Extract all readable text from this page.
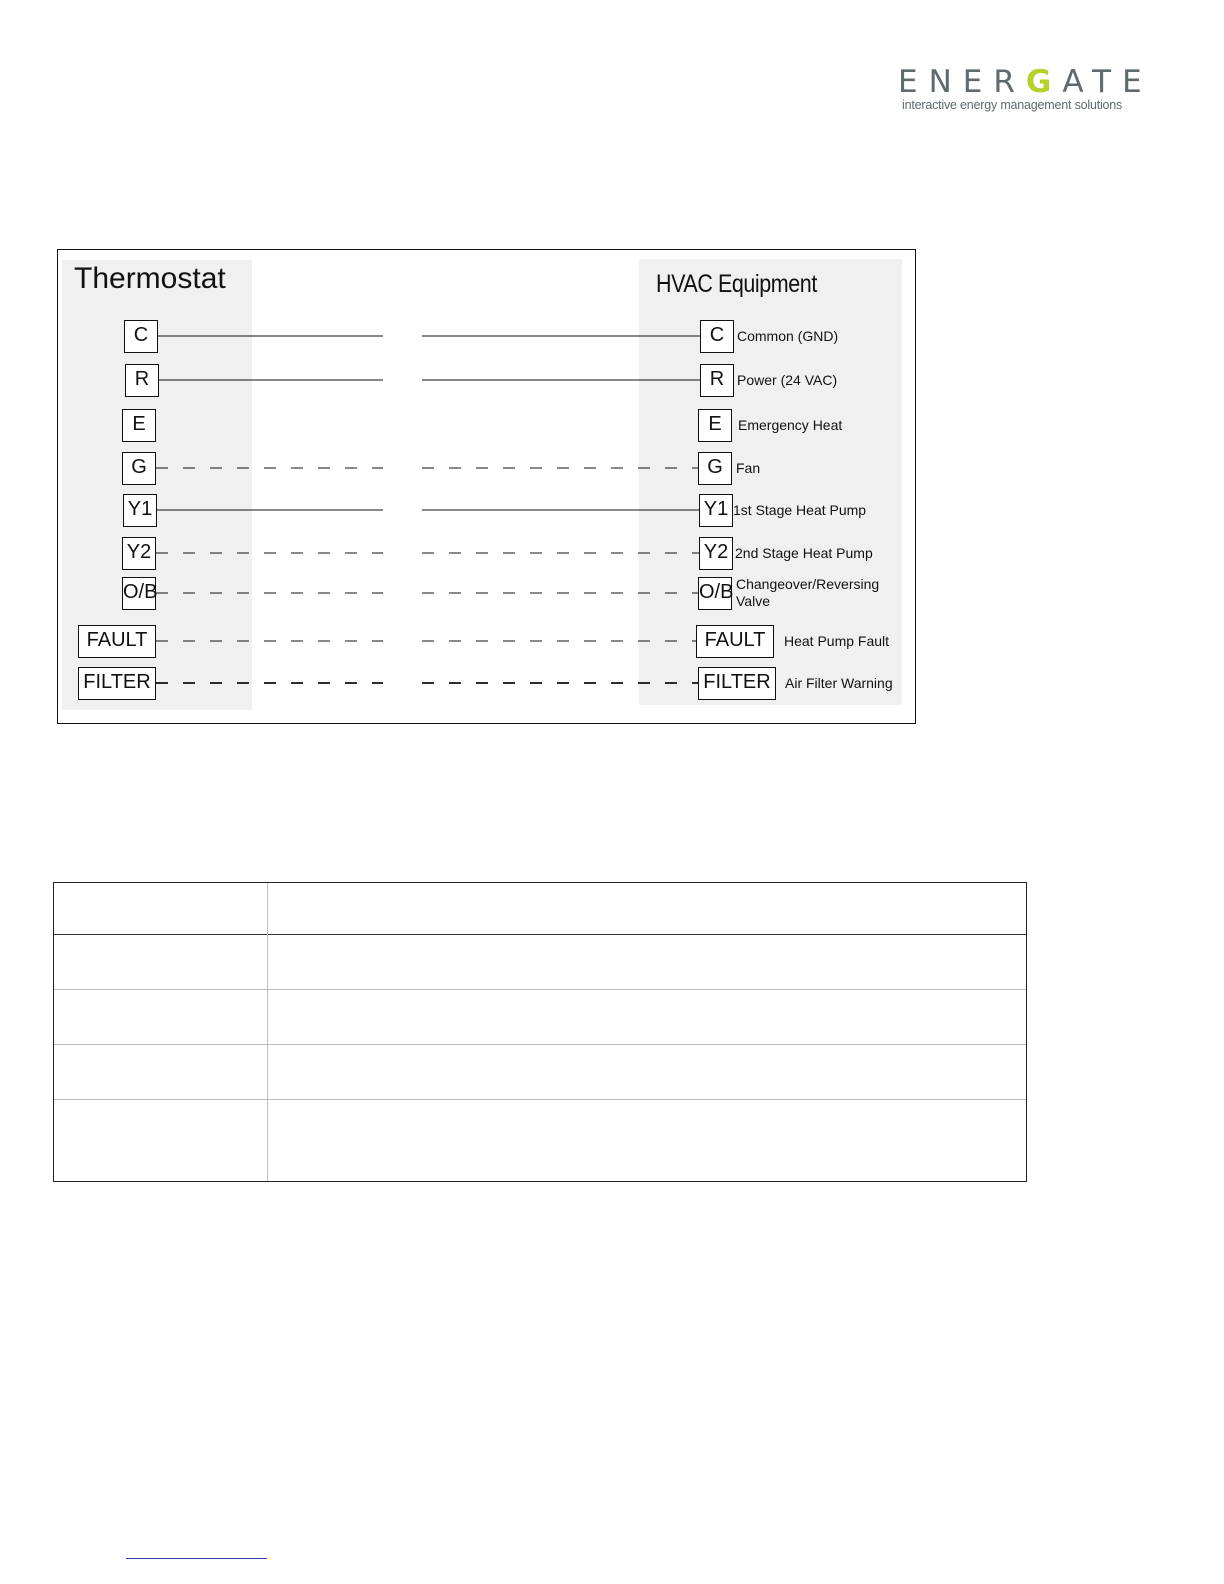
ENERGATE
interactive energy management solutions
Thermostat	HVAC Equipment
C	C Common (GND)
R	R Power (24 VAC)
E	E	Emergency Heat
G	G Fan
Y1	Y1 1st Stage Heat Pump
Y2	Y2 2nd Stage Heat Pump
O/B	O/B Changeover/Reversing Valve
FAULT	FAULT	Heat Pump Fault
FILTER	FILTER	Air Filter Warning
